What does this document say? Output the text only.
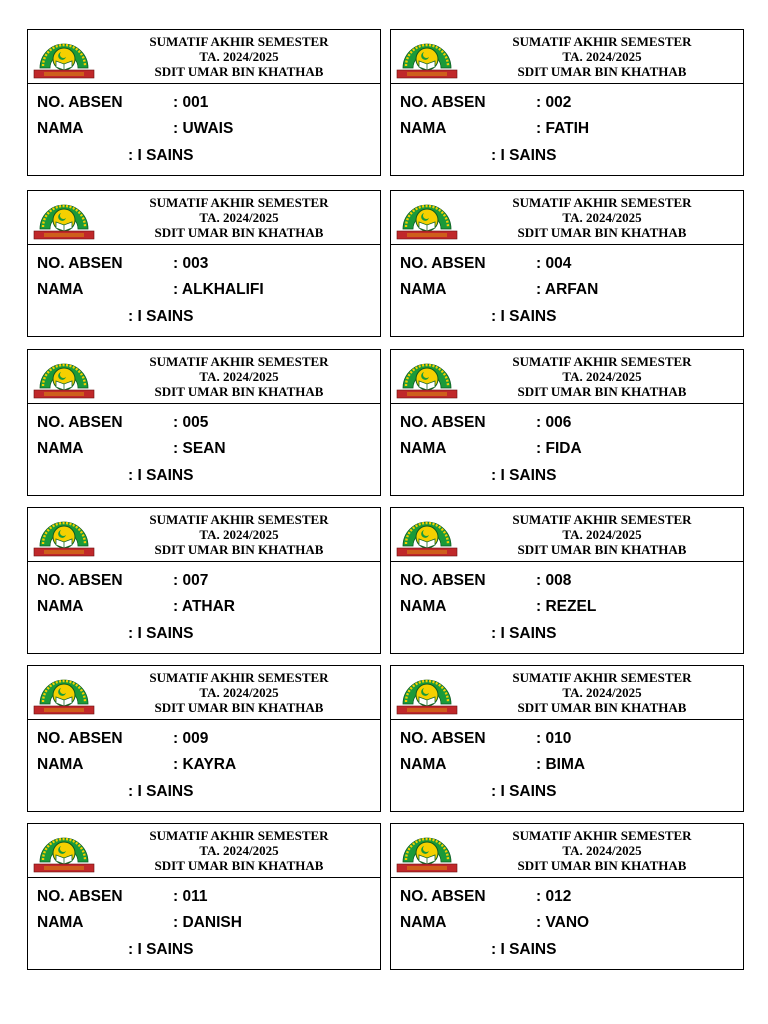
SUMATIF AKHIR SEMESTER
TA. 2024/2025
SDIT UMAR BIN KHATHAB
NO. ABSEN	: 001
NAMA	: UWAIS
: I SAINS
SUMATIF AKHIR SEMESTER
TA. 2024/2025
SDIT UMAR BIN KHATHAB
NO. ABSEN	: 002
NAMA	: FATIH
: I SAINS
SUMATIF AKHIR SEMESTER
TA. 2024/2025
SDIT UMAR BIN KHATHAB
NO. ABSEN	: 003
NAMA	: ALKHALIFI
: I SAINS
SUMATIF AKHIR SEMESTER
TA. 2024/2025
SDIT UMAR BIN KHATHAB
NO. ABSEN	: 004
NAMA	: ARFAN
: I SAINS
SUMATIF AKHIR SEMESTER
TA. 2024/2025
SDIT UMAR BIN KHATHAB
NO. ABSEN	: 005
NAMA	: SEAN
: I SAINS
SUMATIF AKHIR SEMESTER
TA. 2024/2025
SDIT UMAR BIN KHATHAB
NO. ABSEN	: 006
NAMA	: FIDA
: I SAINS
SUMATIF AKHIR SEMESTER
TA. 2024/2025
SDIT UMAR BIN KHATHAB
NO. ABSEN	: 007
NAMA	: ATHAR
: I SAINS
SUMATIF AKHIR SEMESTER
TA. 2024/2025
SDIT UMAR BIN KHATHAB
NO. ABSEN	: 008
NAMA	: REZEL
: I SAINS
SUMATIF AKHIR SEMESTER
TA. 2024/2025
SDIT UMAR BIN KHATHAB
NO. ABSEN	: 009
NAMA	: KAYRA
: I SAINS
SUMATIF AKHIR SEMESTER
TA. 2024/2025
SDIT UMAR BIN KHATHAB
NO. ABSEN	: 010
NAMA	: BIMA
: I SAINS
SUMATIF AKHIR SEMESTER
TA. 2024/2025
SDIT UMAR BIN KHATHAB
NO. ABSEN	: 011
NAMA	: DANISH
: I SAINS
SUMATIF AKHIR SEMESTER
TA. 2024/2025
SDIT UMAR BIN KHATHAB
NO. ABSEN	: 012
NAMA	: VANO
: I SAINS
